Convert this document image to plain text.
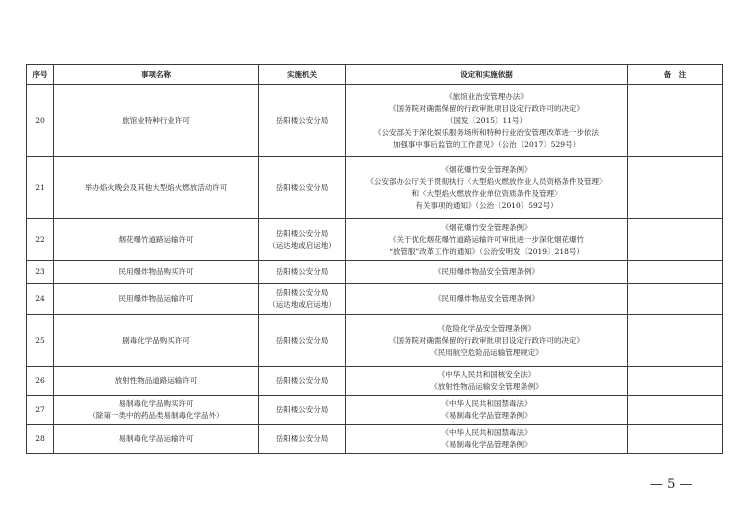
序号	事项名称	实施机关	设定和实施依据	备　注
20	旅馆业特种行业许可	岳阳楼公安分局	《旅馆业治安管理办法》
《国务院对确需保留的行政审批项目设定行政许可的决定》
（国发〔2015〕11号）
《公安部关于深化娱乐服务场所和特种行业治安管理改革进一步依法
加强事中事后监管的工作意见》（公治〔2017〕529号）	

21	举办焰火晚会及其他大型焰火燃放活动许可	岳阳楼公安分局	《烟花爆竹安全管理条例》
《公安部办公厅关于贯彻执行〈大型焰火燃放作业人员资格条件及管理〉
和〈大型焰火燃放作业单位资质条件及管理〉
有关事项的通知》（公治〔2010〕592号）	

22	烟花爆竹道路运输许可	岳阳楼公安分局
（运达地或启运地）	《烟花爆竹安全管理条例》
《关于优化烟花爆竹道路运输许可审批进一步深化烟花爆竹
“放管服”改革工作的通知》（公治安明发〔2019〕218号）	

23	民用爆炸物品购买许可	岳阳楼公安分局	《民用爆炸物品安全管理条例》	

24	民用爆炸物品运输许可	岳阳楼公安分局
（运达地或启运地）	《民用爆炸物品安全管理条例》	

25	剧毒化学品购买许可	岳阳楼公安分局	《危险化学品安全管理条例》
《国务院对确需保留的行政审批项目设定行政许可的决定》
《民用航空危险品运输管理规定》	

26	放射性物品道路运输许可	岳阳楼公安分局	《中华人民共和国核安全法》
《放射性物品运输安全管理条例》	

27	易制毒化学品购买许可
（除第一类中的药品类易制毒化学品外）	岳阳楼公安分局	《中华人民共和国禁毒法》
《易制毒化学品管理条例》	

28	易制毒化学品运输许可	岳阳楼公安分局	《中华人民共和国禁毒法》
《易制毒化学品管理条例》	

— 5 —
